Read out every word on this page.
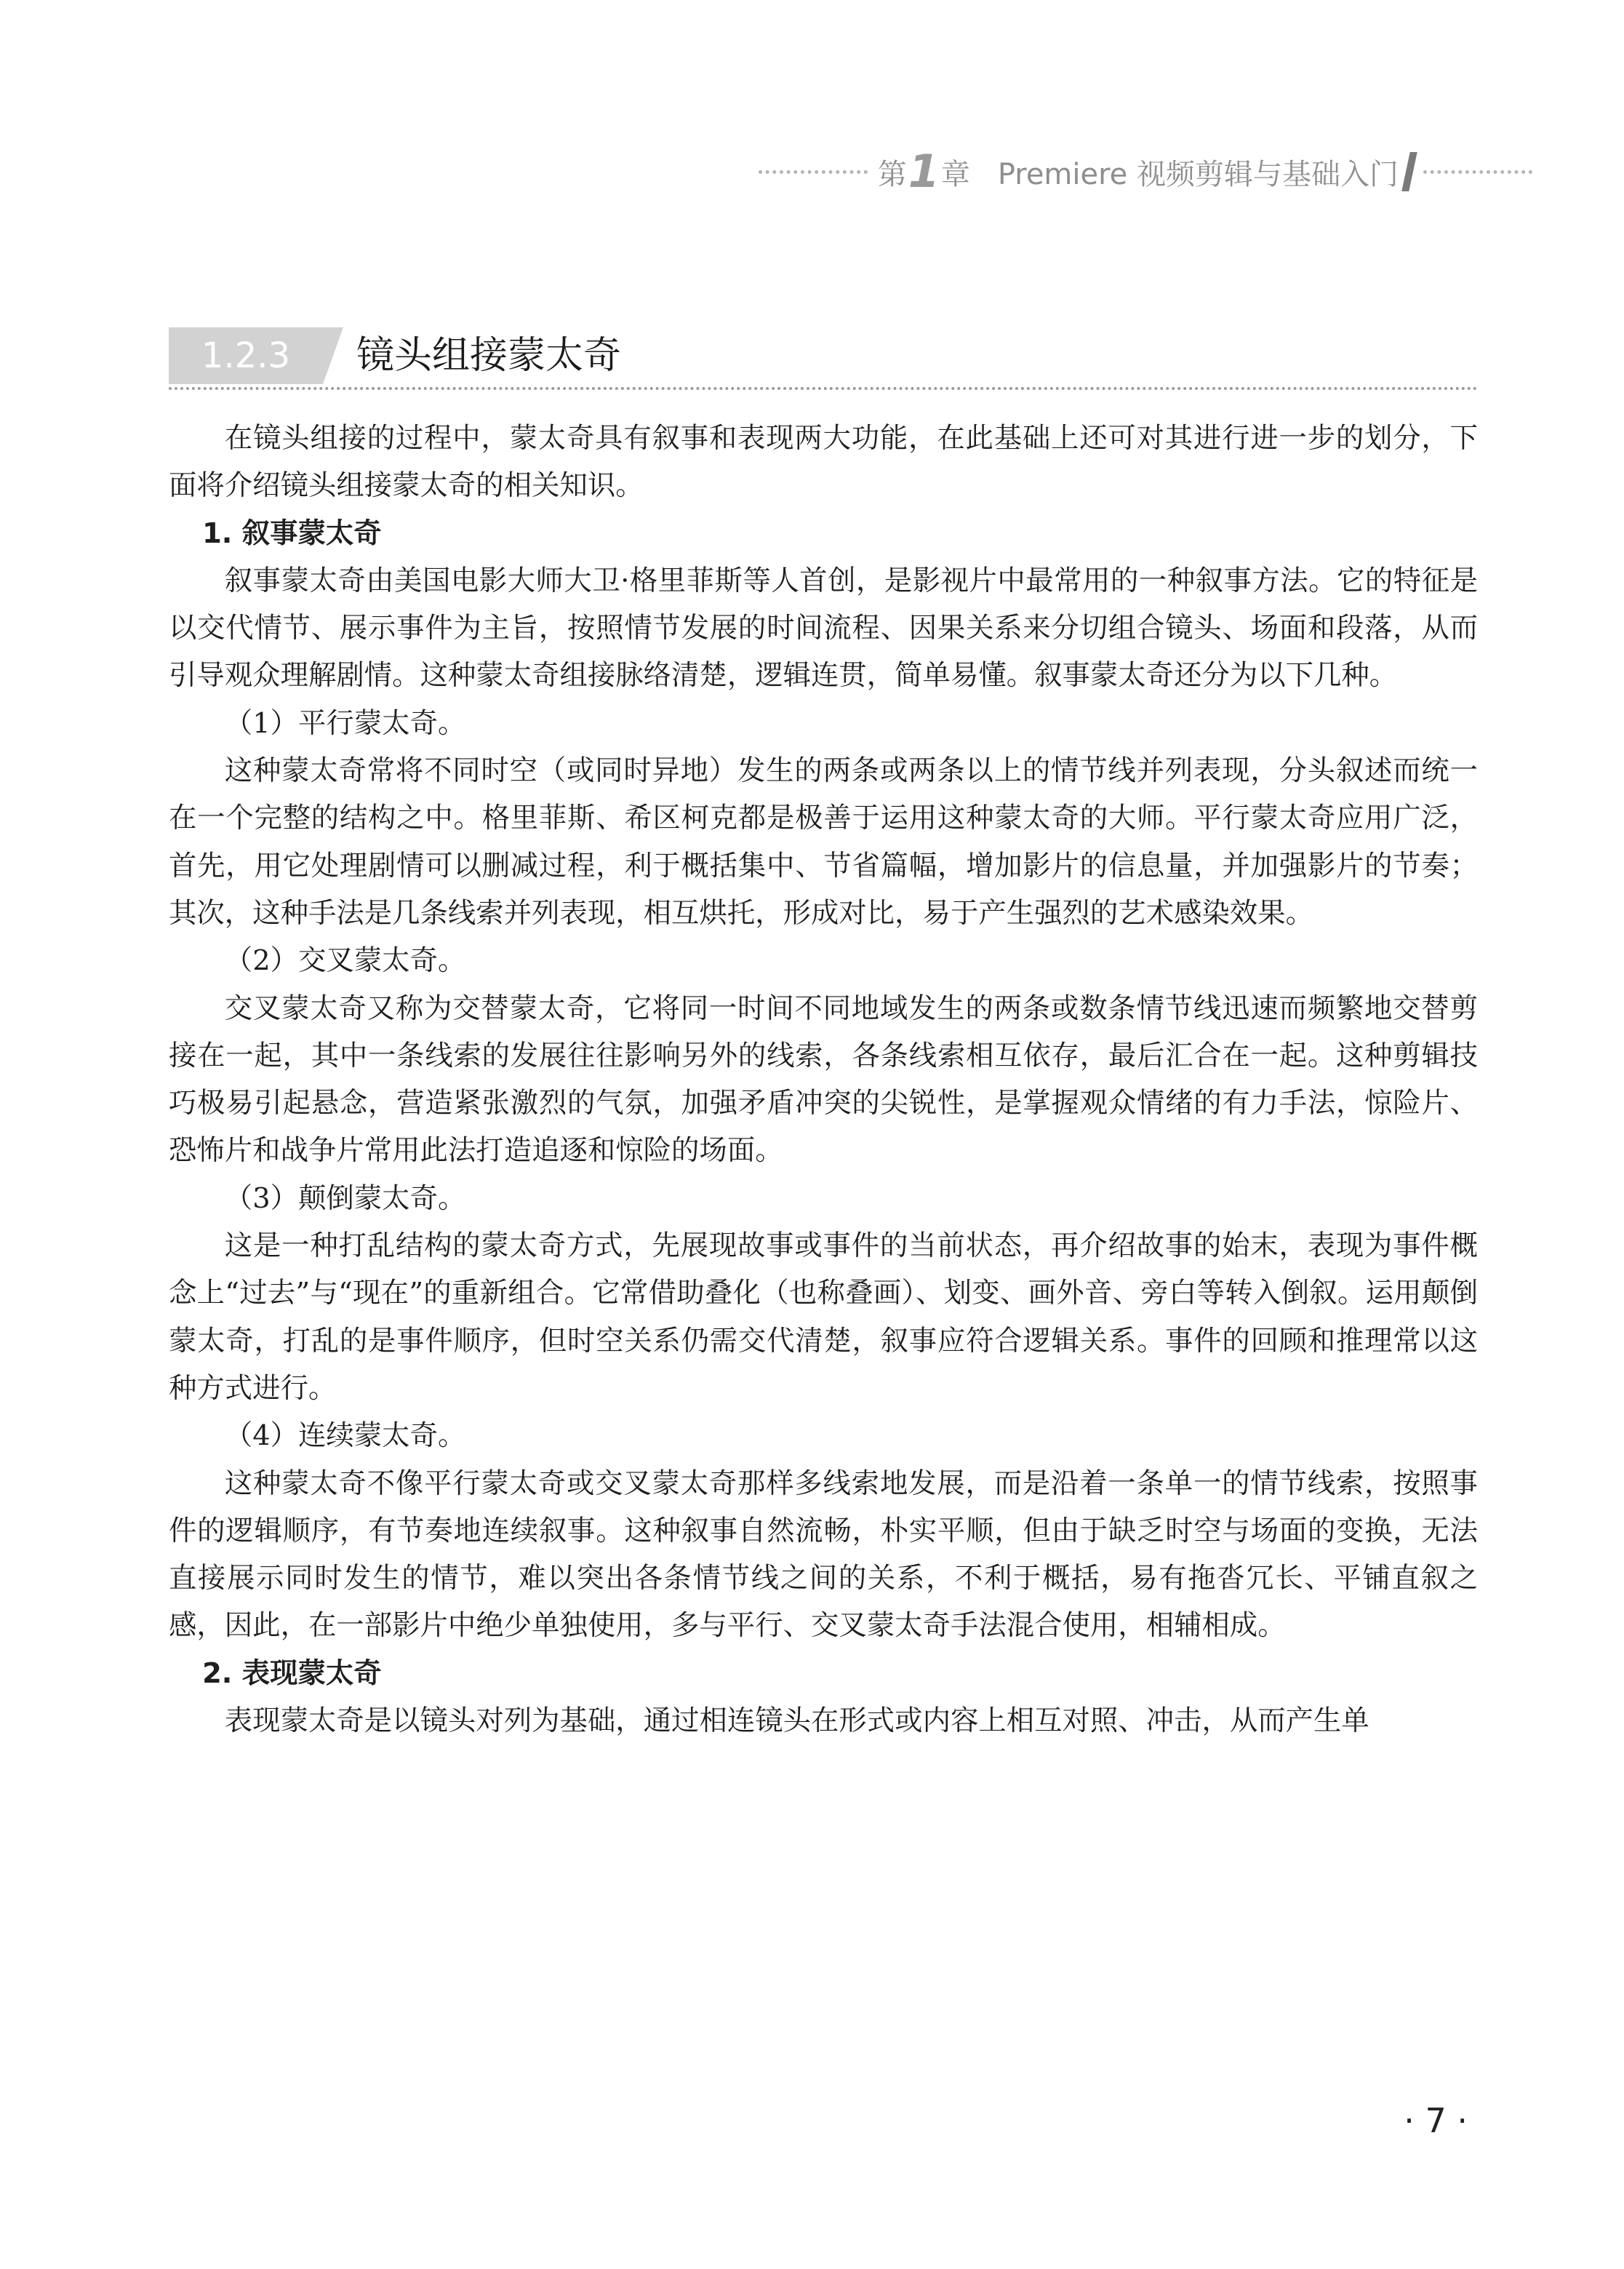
第 1 章 Premiere 视频剪辑与基础入门
1.2.3	镜头组接蒙太奇

在镜头组接的过程中，蒙太奇具有叙事和表现两大功能，在此基础上还可对其进行进一步的划分，下面将介绍镜头组接蒙太奇的相关知识。

1. 叙事蒙太奇

叙事蒙太奇由美国电影大师大卫·格里菲斯等人首创，是影视片中最常用的一种叙事方法。它的特征是以交代情节、展示事件为主旨，按照情节发展的时间流程、因果关系来分切组合镜头、场面和段落，从而引导观众理解剧情。这种蒙太奇组接脉络清楚，逻辑连贯，简单易懂。叙事蒙太奇还分为以下几种。

（1）平行蒙太奇。

这种蒙太奇常将不同时空（或同时异地）发生的两条或两条以上的情节线并列表现，分头叙述而统一在一个完整的结构之中。格里菲斯、希区柯克都是极善于运用这种蒙太奇的大师。平行蒙太奇应用广泛，首先，用它处理剧情可以删减过程，利于概括集中、节省篇幅，增加影片的信息量，并加强影片的节奏；其次，这种手法是几条线索并列表现，相互烘托，形成对比，易于产生强烈的艺术感染效果。

（2）交叉蒙太奇。

交叉蒙太奇又称为交替蒙太奇，它将同一时间不同地域发生的两条或数条情节线迅速而频繁地交替剪接在一起，其中一条线索的发展往往影响另外的线索，各条线索相互依存，最后汇合在一起。这种剪辑技巧极易引起悬念，营造紧张激烈的气氛，加强矛盾冲突的尖锐性，是掌握观众情绪的有力手法，惊险片、恐怖片和战争片常用此法打造追逐和惊险的场面。

（3）颠倒蒙太奇。

这是一种打乱结构的蒙太奇方式，先展现故事或事件的当前状态，再介绍故事的始末，表现为事件概念上“过去”与“现在”的重新组合。它常借助叠化（也称叠画）、划变、画外音、旁白等转入倒叙。运用颠倒蒙太奇，打乱的是事件顺序，但时空关系仍需交代清楚，叙事应符合逻辑关系。事件的回顾和推理常以这种方式进行。

（4）连续蒙太奇。

这种蒙太奇不像平行蒙太奇或交叉蒙太奇那样多线索地发展，而是沿着一条单一的情节线索，按照事件的逻辑顺序，有节奏地连续叙事。这种叙事自然流畅，朴实平顺，但由于缺乏时空与场面的变换，无法直接展示同时发生的情节，难以突出各条情节线之间的关系，不利于概括，易有拖沓冗长、平铺直叙之感，因此，在一部影片中绝少单独使用，多与平行、交叉蒙太奇手法混合使用，相辅相成。

2. 表现蒙太奇

表现蒙太奇是以镜头对列为基础，通过相连镜头在形式或内容上相互对照、冲击，从而产生单

· 7 ·
